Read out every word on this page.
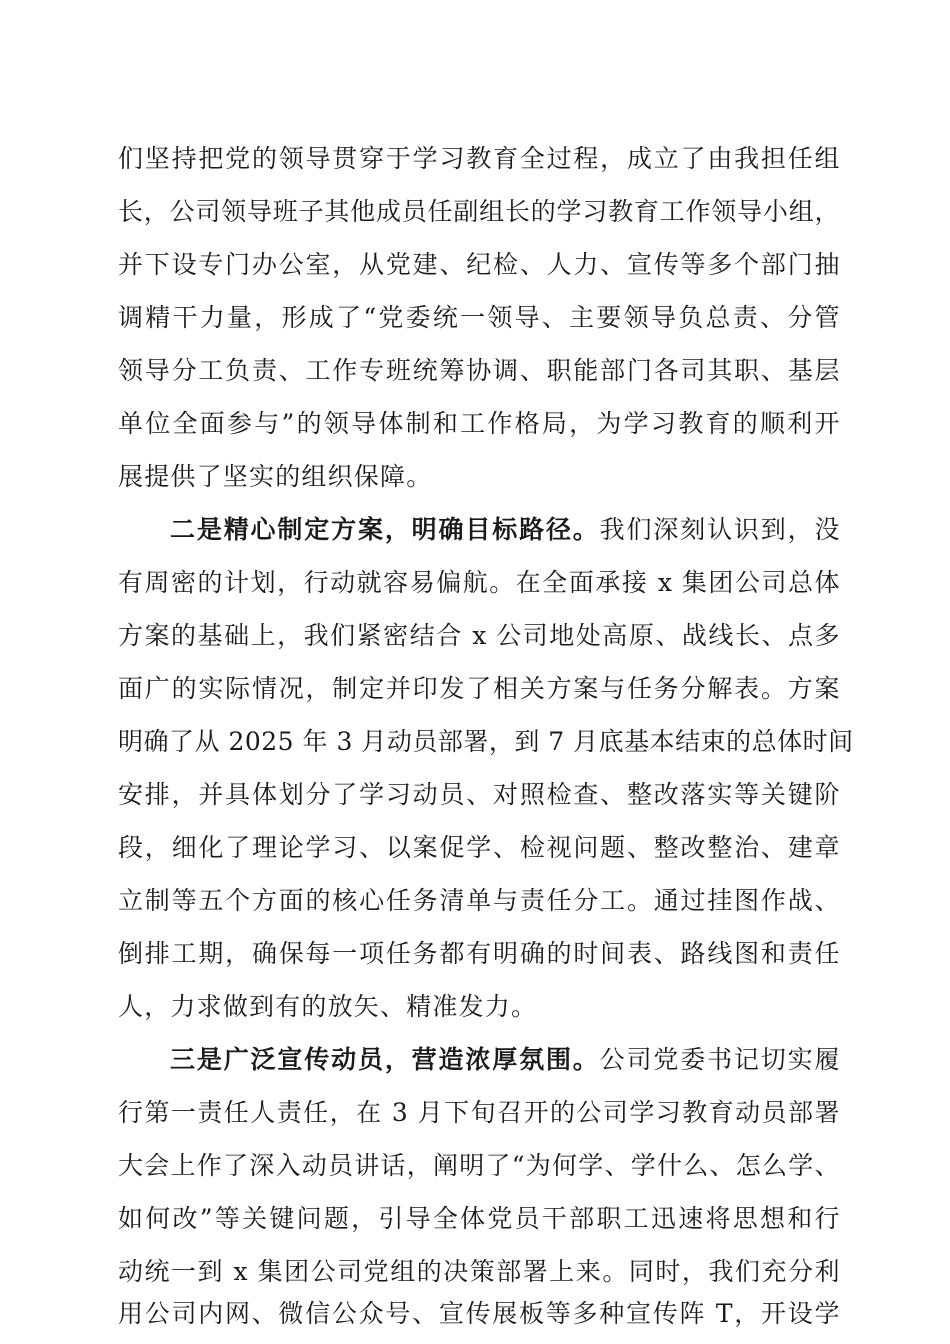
们坚持把党的领导贯穿于学习教育全过程，成立了由我担任组
长，公司领导班子其他成员任副组长的学习教育工作领导小组，
并下设专门办公室，从党建、纪检、人力、宣传等多个部门抽
调精干力量，形成了“党委统一领导、主要领导负总责、分管
领导分工负责、工作专班统筹协调、职能部门各司其职、基层
单位全面参与”的领导体制和工作格局，为学习教育的顺利开
展提供了坚实的组织保障。
二是精心制定方案，明确目标路径。我们深刻认识到，没
有周密的计划，行动就容易偏航。在全面承接 x 集团公司总体
方案的基础上，我们紧密结合 x 公司地处高原、战线长、点多
面广的实际情况，制定并印发了相关方案与任务分解表。方案
明确了从 2025 年 3 月动员部署，到 7 月底基本结束的总体时间
安排，并具体划分了学习动员、对照检查、整改落实等关键阶
段，细化了理论学习、以案促学、检视问题、整改整治、建章
立制等五个方面的核心任务清单与责任分工。通过挂图作战、
倒排工期，确保每一项任务都有明确的时间表、路线图和责任
人，力求做到有的放矢、精准发力。
三是广泛宣传动员，营造浓厚氛围。公司党委书记切实履
行第一责任人责任，在 3 月下旬召开的公司学习教育动员部署
大会上作了深入动员讲话，阐明了“为何学、学什么、怎么学、
如何改”等关键问题，引导全体党员干部职工迅速将思想和行
动统一到 x 集团公司党组的决策部署上来。同时，我们充分利
用公司内网、微信公众号、宣传展板等多种宣传阵 T，开设学
